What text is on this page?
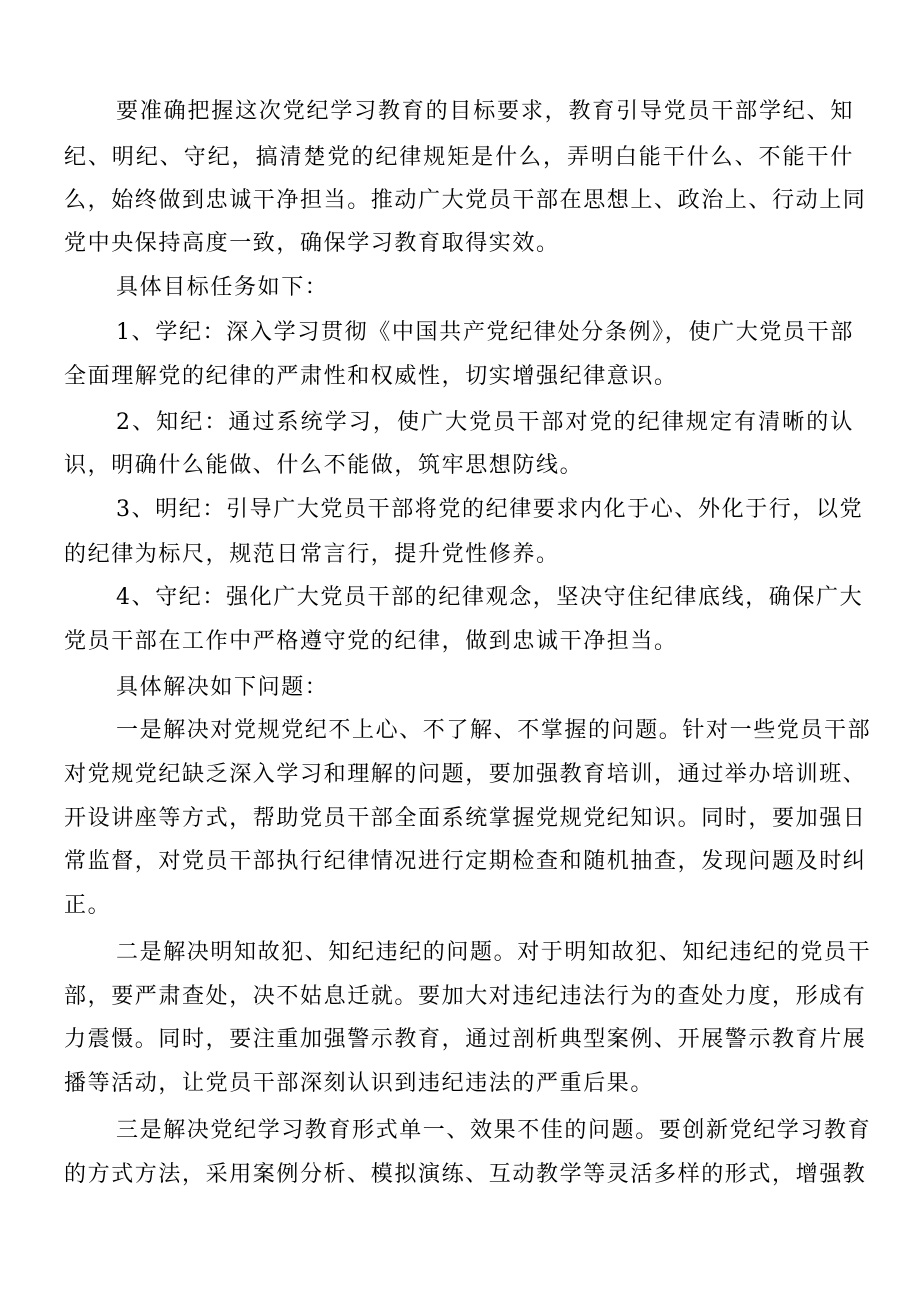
要准确把握这次党纪学习教育的目标要求，教育引导党员干部学纪、知
纪、明纪、守纪，搞清楚党的纪律规矩是什么，弄明白能干什么、不能干什
么，始终做到忠诚干净担当。推动广大党员干部在思想上、政治上、行动上同
党中央保持高度一致，确保学习教育取得实效。
具体目标任务如下：
1、学纪：深入学习贯彻《中国共产党纪律处分条例》，使广大党员干部
全面理解党的纪律的严肃性和权威性，切实增强纪律意识。
2、知纪：通过系统学习，使广大党员干部对党的纪律规定有清晰的认
识，明确什么能做、什么不能做，筑牢思想防线。
3、明纪：引导广大党员干部将党的纪律要求内化于心、外化于行，以党
的纪律为标尺，规范日常言行，提升党性修养。
4、守纪：强化广大党员干部的纪律观念，坚决守住纪律底线，确保广大
党员干部在工作中严格遵守党的纪律，做到忠诚干净担当。
具体解决如下问题：
一是解决对党规党纪不上心、不了解、不掌握的问题。针对一些党员干部
对党规党纪缺乏深入学习和理解的问题，要加强教育培训，通过举办培训班、
开设讲座等方式，帮助党员干部全面系统掌握党规党纪知识。同时，要加强日
常监督，对党员干部执行纪律情况进行定期检查和随机抽查，发现问题及时纠
正。
二是解决明知故犯、知纪违纪的问题。对于明知故犯、知纪违纪的党员干
部，要严肃查处，决不姑息迁就。要加大对违纪违法行为的查处力度，形成有
力震慑。同时，要注重加强警示教育，通过剖析典型案例、开展警示教育片展
播等活动，让党员干部深刻认识到违纪违法的严重后果。
三是解决党纪学习教育形式单一、效果不佳的问题。要创新党纪学习教育
的方式方法，采用案例分析、模拟演练、互动教学等灵活多样的形式，增强教
